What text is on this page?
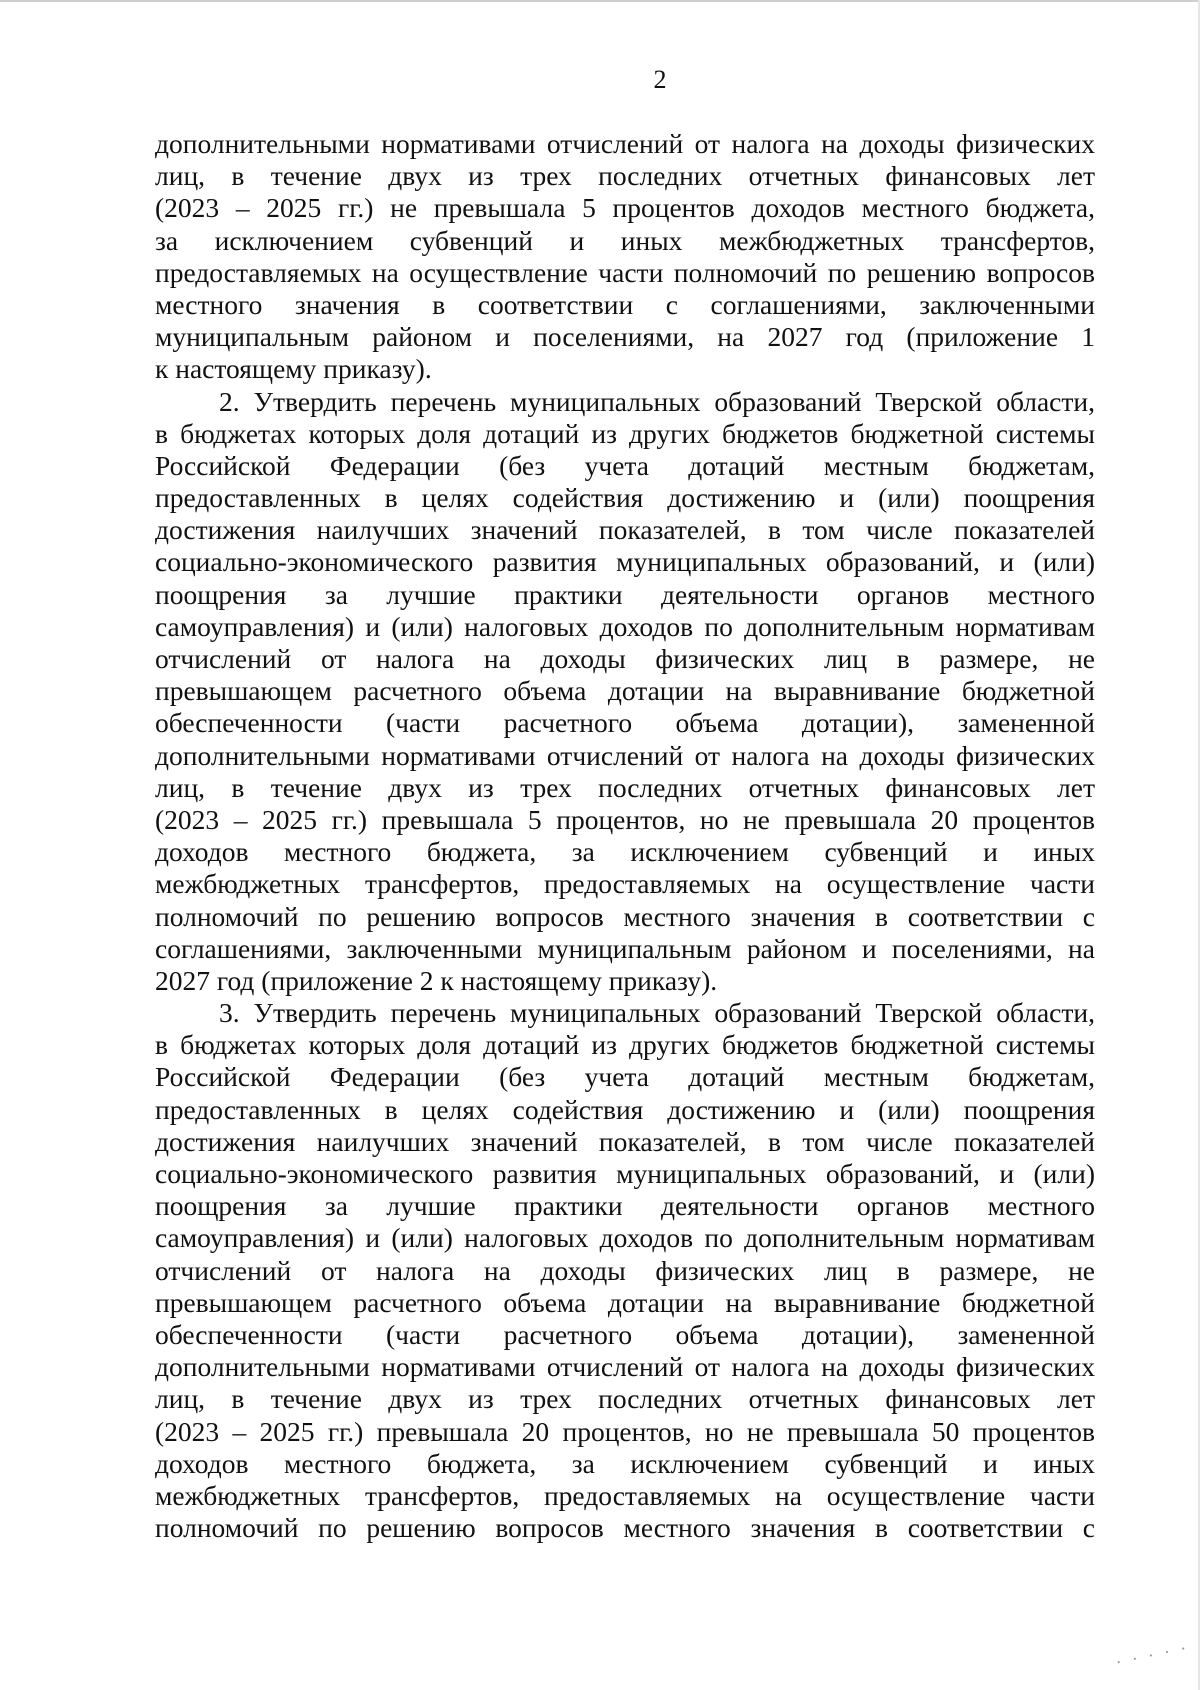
2
дополнительными нормативами отчислений от налога на доходы физических
лиц, в течение двух из трех последних отчетных финансовых лет
(2023 – 2025 гг.) не превышала 5 процентов доходов местного бюджета,
за исключением субвенций и иных межбюджетных трансфертов,
предоставляемых на осуществление части полномочий по решению вопросов
местного значения в соответствии с соглашениями, заключенными
муниципальным районом и поселениями, на 2027 год (приложение 1
к настоящему приказу).
2. Утвердить перечень муниципальных образований Тверской области,
в бюджетах которых доля дотаций из других бюджетов бюджетной системы
Российской Федерации (без учета дотаций местным бюджетам,
предоставленных в целях содействия достижению и (или) поощрения
достижения наилучших значений показателей, в том числе показателей
социально-экономического развития муниципальных образований, и (или)
поощрения за лучшие практики деятельности органов местного
самоуправления) и (или) налоговых доходов по дополнительным нормативам
отчислений от налога на доходы физических лиц в размере, не
превышающем расчетного объема дотации на выравнивание бюджетной
обеспеченности (части расчетного объема дотации), замененной
дополнительными нормативами отчислений от налога на доходы физических
лиц, в течение двух из трех последних отчетных финансовых лет
(2023 – 2025 гг.) превышала 5 процентов, но не превышала 20 процентов
доходов местного бюджета, за исключением субвенций и иных
межбюджетных трансфертов, предоставляемых на осуществление части
полномочий по решению вопросов местного значения в соответствии с
соглашениями, заключенными муниципальным районом и поселениями, на
2027 год (приложение 2 к настоящему приказу).
3. Утвердить перечень муниципальных образований Тверской области,
в бюджетах которых доля дотаций из других бюджетов бюджетной системы
Российской Федерации (без учета дотаций местным бюджетам,
предоставленных в целях содействия достижению и (или) поощрения
достижения наилучших значений показателей, в том числе показателей
социально-экономического развития муниципальных образований, и (или)
поощрения за лучшие практики деятельности органов местного
самоуправления) и (или) налоговых доходов по дополнительным нормативам
отчислений от налога на доходы физических лиц в размере, не
превышающем расчетного объема дотации на выравнивание бюджетной
обеспеченности (части расчетного объема дотации), замененной
дополнительными нормативами отчислений от налога на доходы физических
лиц, в течение двух из трех последних отчетных финансовых лет
(2023 – 2025 гг.) превышала 20 процентов, но не превышала 50 процентов
доходов местного бюджета, за исключением субвенций и иных
межбюджетных трансфертов, предоставляемых на осуществление части
полномочий по решению вопросов местного значения в соответствии с
· · · · ·
